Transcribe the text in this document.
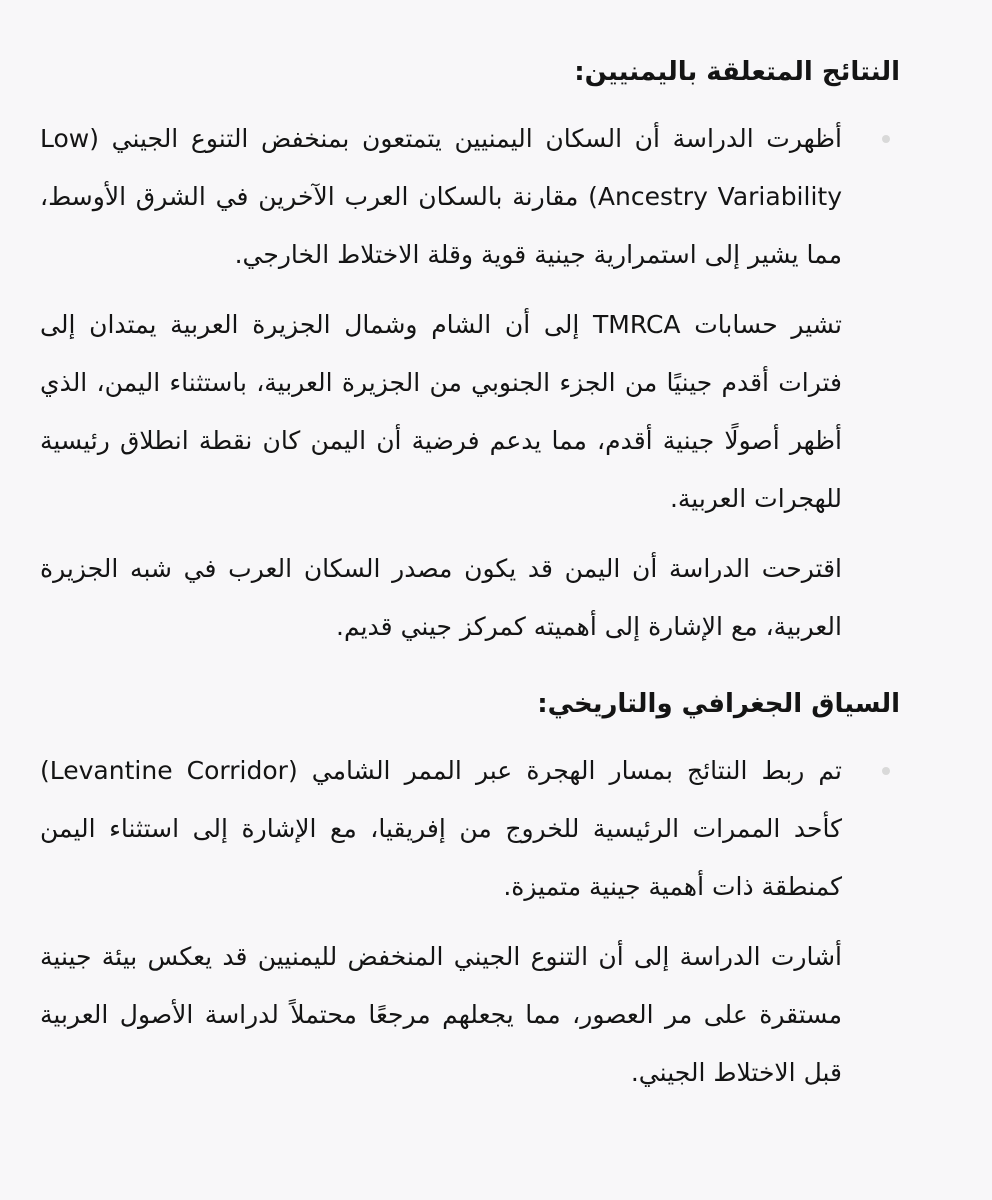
النتائج المتعلقة باليمنيين:
أظهرت الدراسة أن السكان اليمنيين يتمتعون بمنخفض التنوع الجيني (Low Ancestry Variability) مقارنة بالسكان العرب الآخرين في الشرق الأوسط، مما يشير إلى استمرارية جينية قوية وقلة الاختلاط الخارجي.
تشير حسابات TMRCA إلى أن الشام وشمال الجزيرة العربية يمتدان إلى فترات أقدم جينيًا من الجزء الجنوبي من الجزيرة العربية، باستثناء اليمن، الذي أظهر أصولًا جينية أقدم، مما يدعم فرضية أن اليمن كان نقطة انطلاق رئيسية للهجرات العربية.
اقترحت الدراسة أن اليمن قد يكون مصدر السكان العرب في شبه الجزيرة العربية، مع الإشارة إلى أهميته كمركز جيني قديم.
السياق الجغرافي والتاريخي:
تم ربط النتائج بمسار الهجرة عبر الممر الشامي (Levantine Corridor) كأحد الممرات الرئيسية للخروج من إفريقيا، مع الإشارة إلى استثناء اليمن كمنطقة ذات أهمية جينية متميزة.
أشارت الدراسة إلى أن التنوع الجيني المنخفض لليمنيين قد يعكس بيئة جينية مستقرة على مر العصور، مما يجعلهم مرجعًا محتملاً لدراسة الأصول العربية قبل الاختلاط الجيني.
